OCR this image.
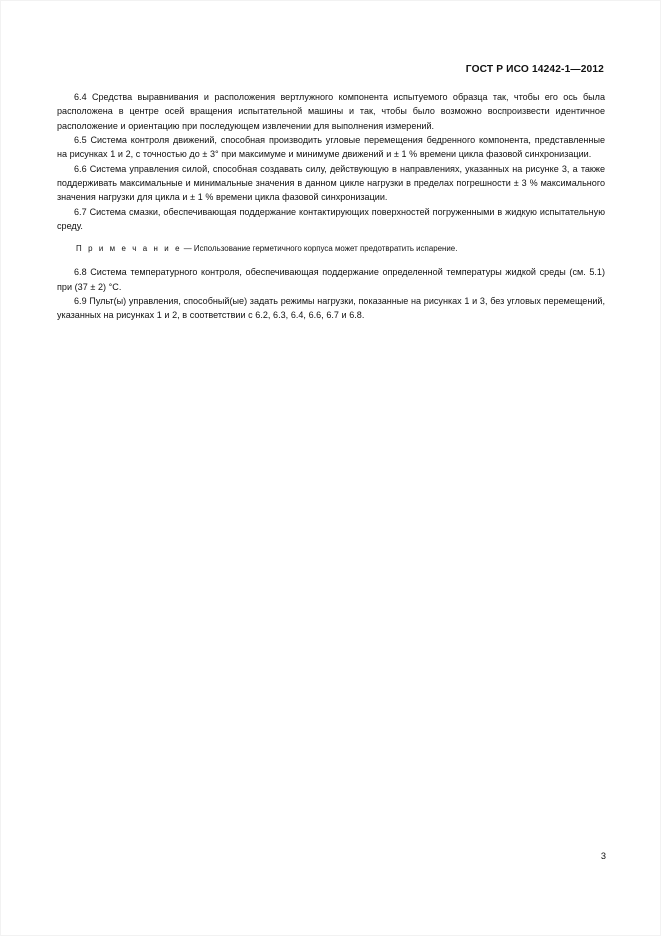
ГОСТ Р ИСО 14242-1—2012

6.4 Средства выравнивания и расположения вертлужного компонента испытуемого образца так, чтобы его ось была расположена в центре осей вращения испытательной машины и так, чтобы было возможно воспроизвести идентичное расположение и ориентацию при последующем извлечении для выполнения измерений.

6.5 Система контроля движений, способная производить угловые перемещения бедренного компонента, представленные на рисунках 1 и 2, с точностью до ± 3° при максимуме и минимуме движений и ± 1 % времени цикла фазовой синхронизации.

6.6 Система управления силой, способная создавать силу, действующую в направлениях, указанных на рисунке 3, а также поддерживать максимальные и минимальные значения в данном цикле нагрузки в пределах погрешности ± 3 % максимального значения нагрузки для цикла и ± 1 % времени цикла фазовой синхронизации.

6.7 Система смазки, обеспечивающая поддержание контактирующих поверхностей погруженными в жидкую испытательную среду.

П р и м е ч а н и е — Использование герметичного корпуса может предотвратить испарение.

6.8 Система температурного контроля, обеспечивающая поддержание определенной температуры жидкой среды (см. 5.1) при (37 ± 2) °C.

6.9 Пульт(ы) управления, способный(ые) задать режимы нагрузки, показанные на рисунках 1 и 3, без угловых перемещений, указанных на рисунках 1 и 2, в соответствии с 6.2, 6.3, 6.4, 6.6, 6.7 и 6.8.

3
